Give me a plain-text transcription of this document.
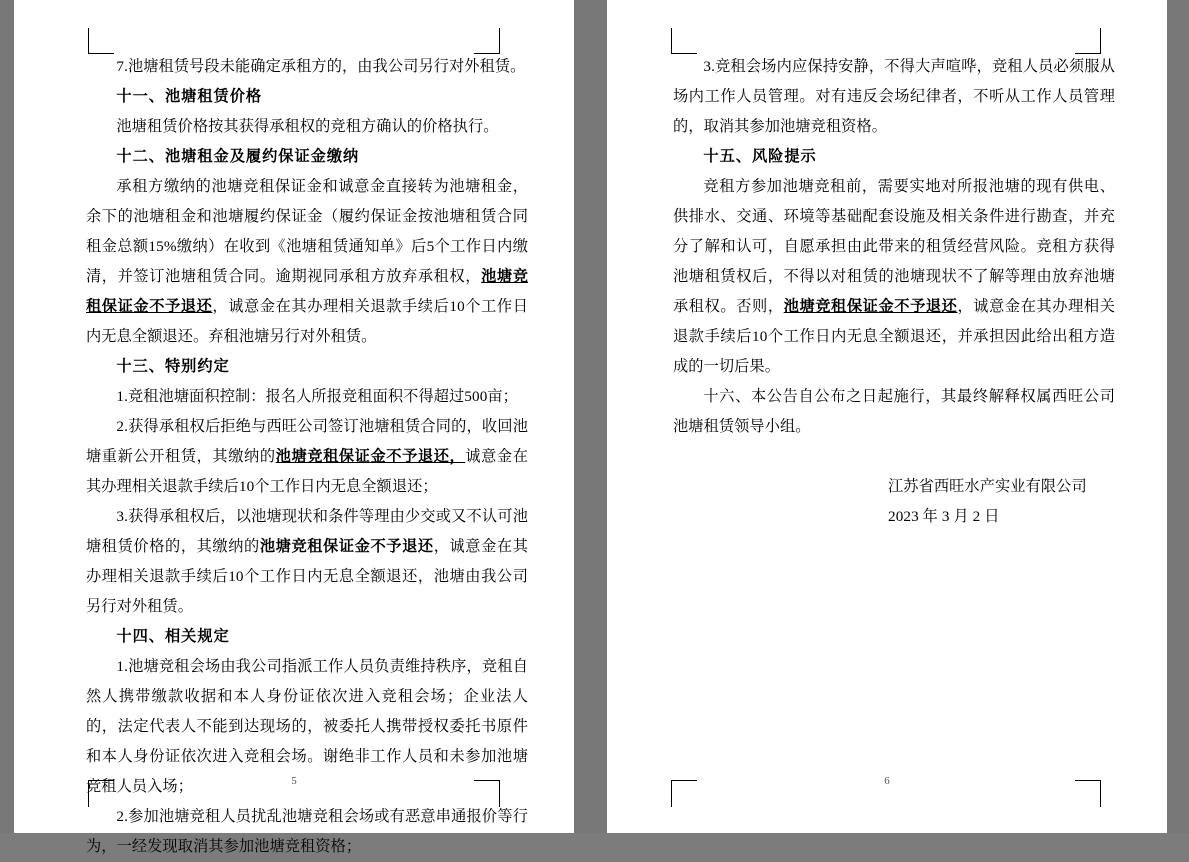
7.池塘租赁号段未能确定承租方的，由我公司另行对外租赁。

十一、池塘租赁价格

池塘租赁价格按其获得承租权的竞租方确认的价格执行。

十二、池塘租金及履约保证金缴纳

承租方缴纳的池塘竞租保证金和诚意金直接转为池塘租金，余下的池塘租金和池塘履约保证金（履约保证金按池塘租赁合同租金总额15%缴纳）在收到《池塘租赁通知单》后5个工作日内缴清，并签订池塘租赁合同。逾期视同承租方放弃承租权，池塘竞租保证金不予退还，诚意金在其办理相关退款手续后10个工作日内无息全额退还。弃租池塘另行对外租赁。

十三、特别约定

1.竞租池塘面积控制：报名人所报竞租面积不得超过500亩；

2.获得承租权后拒绝与西旺公司签订池塘租赁合同的，收回池塘重新公开租赁，其缴纳的池塘竞租保证金不予退还，诚意金在其办理相关退款手续后10个工作日内无息全额退还；

3.获得承租权后，以池塘现状和条件等理由少交或又不认可池塘租赁价格的，其缴纳的池塘竞租保证金不予退还，诚意金在其办理相关退款手续后10个工作日内无息全额退还，池塘由我公司另行对外租赁。

十四、相关规定

1.池塘竞租会场由我公司指派工作人员负责维持秩序，竞租自然人携带缴款收据和本人身份证依次进入竞租会场；企业法人的，法定代表人不能到达现场的，被委托人携带授权委托书原件和本人身份证依次进入竞租会场。谢绝非工作人员和未参加池塘竞租人员入场；

2.参加池塘竞租人员扰乱池塘竞租会场或有恶意串通报价等行为，一经发现取消其参加池塘竞租资格；

5

3.竞租会场内应保持安静，不得大声喧哗，竞租人员必须服从场内工作人员管理。对有违反会场纪律者，不听从工作人员管理的，取消其参加池塘竞租资格。

十五、风险提示

竞租方参加池塘竞租前，需要实地对所报池塘的现有供电、供排水、交通、环境等基础配套设施及相关条件进行勘查，并充分了解和认可，自愿承担由此带来的租赁经营风险。竞租方获得池塘租赁权后，不得以对租赁的池塘现状不了解等理由放弃池塘承租权。否则，池塘竞租保证金不予退还，诚意金在其办理相关退款手续后10个工作日内无息全额退还，并承担因此给出租方造成的一切后果。

十六、本公告自公布之日起施行，其最终解释权属西旺公司池塘租赁领导小组。

江苏省西旺水产实业有限公司

2023 年 3 月 2 日

6
